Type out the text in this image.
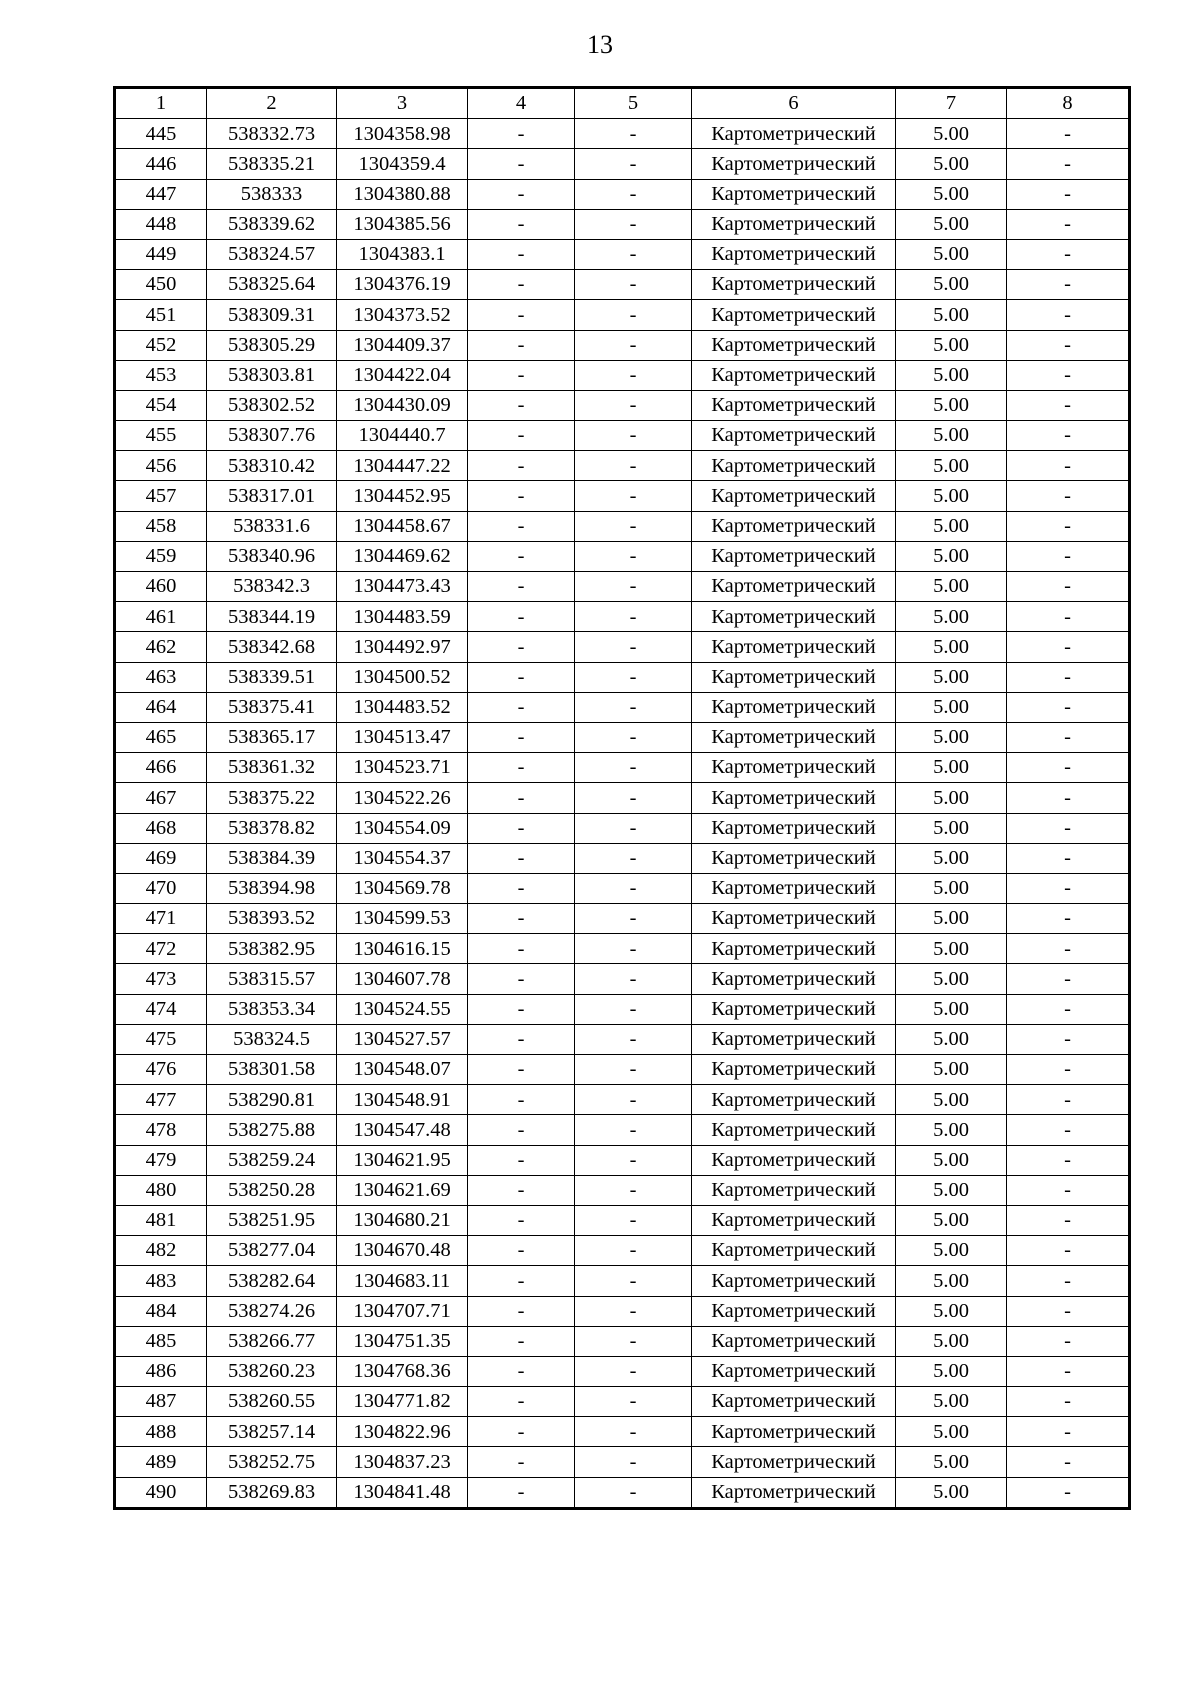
13
1	2	3	4	5	6	7	8
445	538332.73	1304358.98	-	-	Картометрический	5.00	-
446	538335.21	1304359.4	-	-	Картометрический	5.00	-
447	538333	1304380.88	-	-	Картометрический	5.00	-
448	538339.62	1304385.56	-	-	Картометрический	5.00	-
449	538324.57	1304383.1	-	-	Картометрический	5.00	-
450	538325.64	1304376.19	-	-	Картометрический	5.00	-
451	538309.31	1304373.52	-	-	Картометрический	5.00	-
452	538305.29	1304409.37	-	-	Картометрический	5.00	-
453	538303.81	1304422.04	-	-	Картометрический	5.00	-
454	538302.52	1304430.09	-	-	Картометрический	5.00	-
455	538307.76	1304440.7	-	-	Картометрический	5.00	-
456	538310.42	1304447.22	-	-	Картометрический	5.00	-
457	538317.01	1304452.95	-	-	Картометрический	5.00	-
458	538331.6	1304458.67	-	-	Картометрический	5.00	-
459	538340.96	1304469.62	-	-	Картометрический	5.00	-
460	538342.3	1304473.43	-	-	Картометрический	5.00	-
461	538344.19	1304483.59	-	-	Картометрический	5.00	-
462	538342.68	1304492.97	-	-	Картометрический	5.00	-
463	538339.51	1304500.52	-	-	Картометрический	5.00	-
464	538375.41	1304483.52	-	-	Картометрический	5.00	-
465	538365.17	1304513.47	-	-	Картометрический	5.00	-
466	538361.32	1304523.71	-	-	Картометрический	5.00	-
467	538375.22	1304522.26	-	-	Картометрический	5.00	-
468	538378.82	1304554.09	-	-	Картометрический	5.00	-
469	538384.39	1304554.37	-	-	Картометрический	5.00	-
470	538394.98	1304569.78	-	-	Картометрический	5.00	-
471	538393.52	1304599.53	-	-	Картометрический	5.00	-
472	538382.95	1304616.15	-	-	Картометрический	5.00	-
473	538315.57	1304607.78	-	-	Картометрический	5.00	-
474	538353.34	1304524.55	-	-	Картометрический	5.00	-
475	538324.5	1304527.57	-	-	Картометрический	5.00	-
476	538301.58	1304548.07	-	-	Картометрический	5.00	-
477	538290.81	1304548.91	-	-	Картометрический	5.00	-
478	538275.88	1304547.48	-	-	Картометрический	5.00	-
479	538259.24	1304621.95	-	-	Картометрический	5.00	-
480	538250.28	1304621.69	-	-	Картометрический	5.00	-
481	538251.95	1304680.21	-	-	Картометрический	5.00	-
482	538277.04	1304670.48	-	-	Картометрический	5.00	-
483	538282.64	1304683.11	-	-	Картометрический	5.00	-
484	538274.26	1304707.71	-	-	Картометрический	5.00	-
485	538266.77	1304751.35	-	-	Картометрический	5.00	-
486	538260.23	1304768.36	-	-	Картометрический	5.00	-
487	538260.55	1304771.82	-	-	Картометрический	5.00	-
488	538257.14	1304822.96	-	-	Картометрический	5.00	-
489	538252.75	1304837.23	-	-	Картометрический	5.00	-
490	538269.83	1304841.48	-	-	Картометрический	5.00	-
